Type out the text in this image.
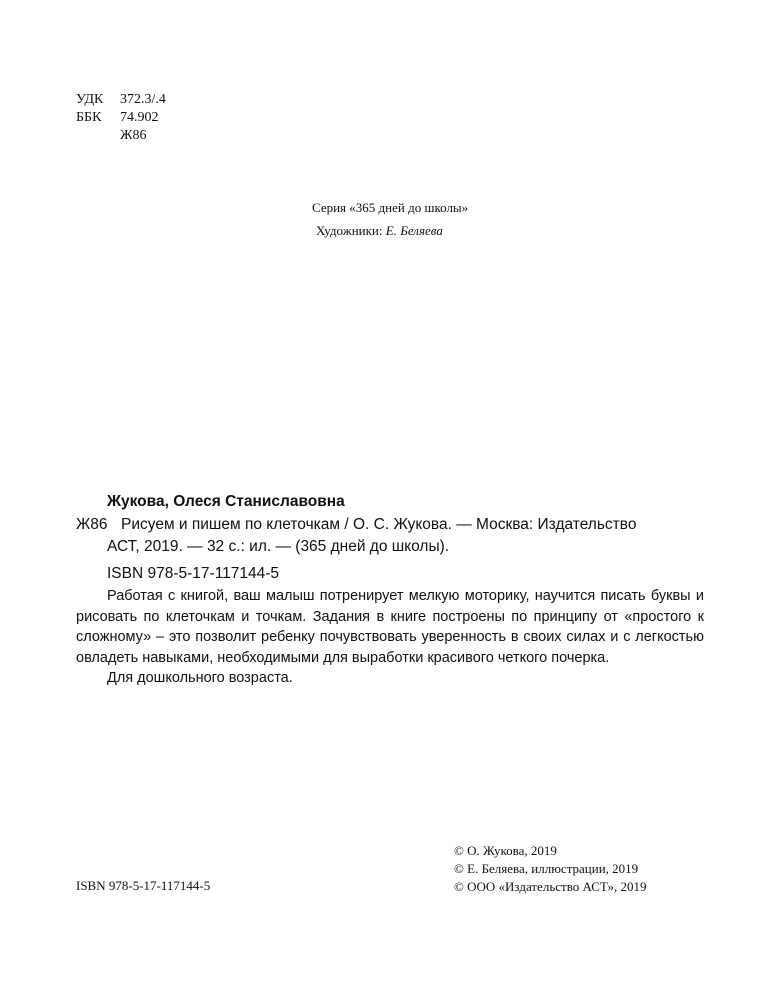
УДК 372.3/.4
ББК 74.902
Ж86
Серия «365 дней до школы»
Художники: Е. Беляева
Жукова, Олеся Станиславовна
Ж86 Рисуем и пишем по клеточкам / О. С. Жукова. — Москва: Издательство
АСТ, 2019. — 32 с.: ил. — (365 дней до школы).
ISBN 978-5-17-117144-5

Работая с книгой, ваш малыш потренирует мелкую моторику, научится писать буквы и рисовать по клеточкам и точкам. Задания в книге построены по принципу от «простого к сложному» – это позволит ребенку почувствовать уверенность в своих силах и с легкостью овладеть навыками, необходимыми для выработки красивого четкого почерка.

Для дошкольного возраста.

ISBN 978-5-17-117144-5
© О. Жукова, 2019
© Е. Беляева, иллюстрации, 2019
© ООО «Издательство АСТ», 2019
